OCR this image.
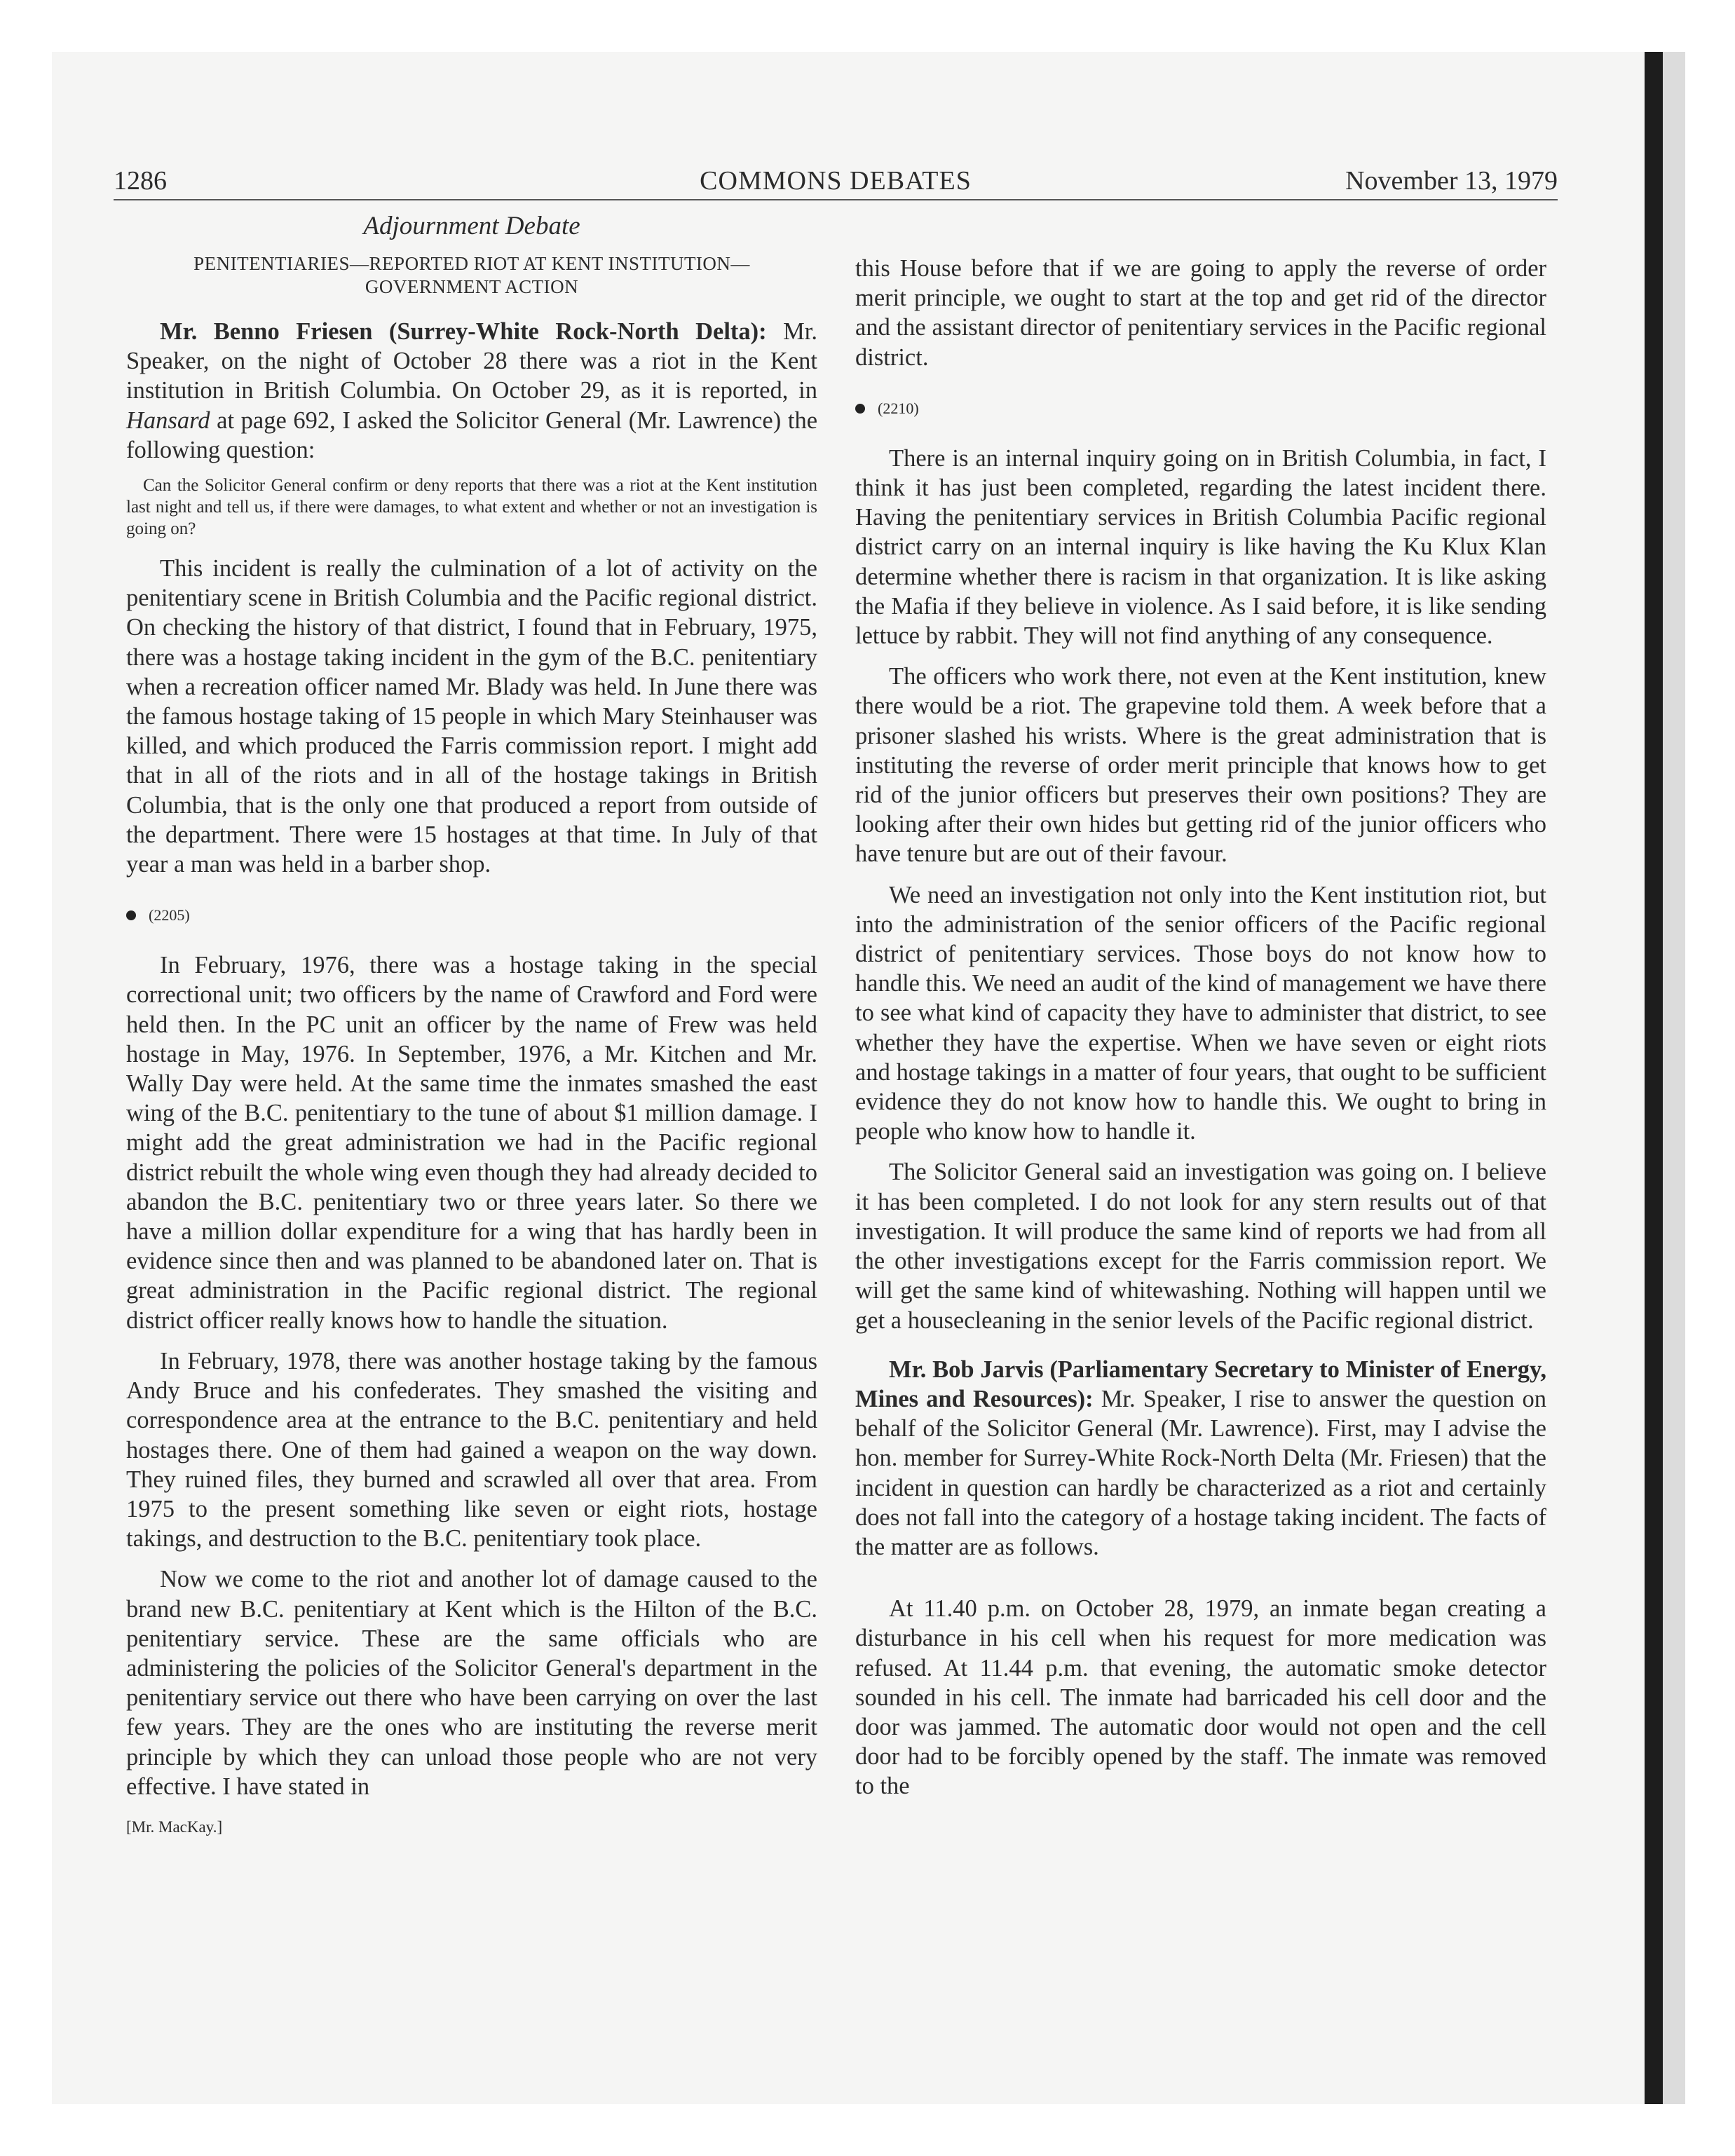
1286	COMMONS DEBATES	November 13, 1979
Adjournment Debate
PENITENTIARIES—REPORTED RIOT AT KENT INSTITUTION—GOVERNMENT ACTION

Mr. Benno Friesen (Surrey-White Rock-North Delta): Mr. Speaker, on the night of October 28 there was a riot in the Kent institution in British Columbia. On October 29, as it is reported, in Hansard at page 692, I asked the Solicitor General (Mr. Lawrence) the following question:

Can the Solicitor General confirm or deny reports that there was a riot at the Kent institution last night and tell us, if there were damages, to what extent and whether or not an investigation is going on?

This incident is really the culmination of a lot of activity on the penitentiary scene in British Columbia and the Pacific regional district. On checking the history of that district, I found that in February, 1975, there was a hostage taking incident in the gym of the B.C. penitentiary when a recreation officer named Mr. Blady was held. In June there was the famous hostage taking of 15 people in which Mary Steinhauser was killed, and which produced the Farris commission report. I might add that in all of the riots and in all of the hostage takings in British Columbia, that is the only one that produced a report from outside of the department. There were 15 hostages at that time. In July of that year a man was held in a barber shop.

(2205)

In February, 1976, there was a hostage taking in the special correctional unit; two officers by the name of Crawford and Ford were held then. In the PC unit an officer by the name of Frew was held hostage in May, 1976. In September, 1976, a Mr. Kitchen and Mr. Wally Day were held. At the same time the inmates smashed the east wing of the B.C. penitentiary to the tune of about $1 million damage. I might add the great administration we had in the Pacific regional district rebuilt the whole wing even though they had already decided to abandon the B.C. penitentiary two or three years later. So there we have a million dollar expenditure for a wing that has hardly been in evidence since then and was planned to be abandoned later on. That is great administration in the Pacific regional district. The regional district officer really knows how to handle the situation.

In February, 1978, there was another hostage taking by the famous Andy Bruce and his confederates. They smashed the visiting and correspondence area at the entrance to the B.C. penitentiary and held hostages there. One of them had gained a weapon on the way down. They ruined files, they burned and scrawled all over that area. From 1975 to the present something like seven or eight riots, hostage takings, and destruction to the B.C. penitentiary took place.

Now we come to the riot and another lot of damage caused to the brand new B.C. penitentiary at Kent which is the Hilton of the B.C. penitentiary service. These are the same officials who are administering the policies of the Solicitor General's department in the penitentiary service out there who have been carrying on over the last few years. They are the ones who are instituting the reverse merit principle by which they can unload those people who are not very effective. I have stated in

[Mr. MacKay.]

this House before that if we are going to apply the reverse of order merit principle, we ought to start at the top and get rid of the director and the assistant director of penitentiary services in the Pacific regional district.

(2210)

There is an internal inquiry going on in British Columbia, in fact, I think it has just been completed, regarding the latest incident there. Having the penitentiary services in British Columbia Pacific regional district carry on an internal inquiry is like having the Ku Klux Klan determine whether there is racism in that organization. It is like asking the Mafia if they believe in violence. As I said before, it is like sending lettuce by rabbit. They will not find anything of any consequence.

The officers who work there, not even at the Kent institution, knew there would be a riot. The grapevine told them. A week before that a prisoner slashed his wrists. Where is the great administration that is instituting the reverse of order merit principle that knows how to get rid of the junior officers but preserves their own positions? They are looking after their own hides but getting rid of the junior officers who have tenure but are out of their favour.

We need an investigation not only into the Kent institution riot, but into the administration of the senior officers of the Pacific regional district of penitentiary services. Those boys do not know how to handle this. We need an audit of the kind of management we have there to see what kind of capacity they have to administer that district, to see whether they have the expertise. When we have seven or eight riots and hostage takings in a matter of four years, that ought to be sufficient evidence they do not know how to handle this. We ought to bring in people who know how to handle it.

The Solicitor General said an investigation was going on. I believe it has been completed. I do not look for any stern results out of that investigation. It will produce the same kind of reports we had from all the other investigations except for the Farris commission report. We will get the same kind of whitewashing. Nothing will happen until we get a housecleaning in the senior levels of the Pacific regional district.

Mr. Bob Jarvis (Parliamentary Secretary to Minister of Energy, Mines and Resources): Mr. Speaker, I rise to answer the question on behalf of the Solicitor General (Mr. Lawrence). First, may I advise the hon. member for Surrey-White Rock-North Delta (Mr. Friesen) that the incident in question can hardly be characterized as a riot and certainly does not fall into the category of a hostage taking incident. The facts of the matter are as follows.

At 11.40 p.m. on October 28, 1979, an inmate began creating a disturbance in his cell when his request for more medication was refused. At 11.44 p.m. that evening, the automatic smoke detector sounded in his cell. The inmate had barricaded his cell door and the door was jammed. The automatic door would not open and the cell door had to be forcibly opened by the staff. The inmate was removed to the
